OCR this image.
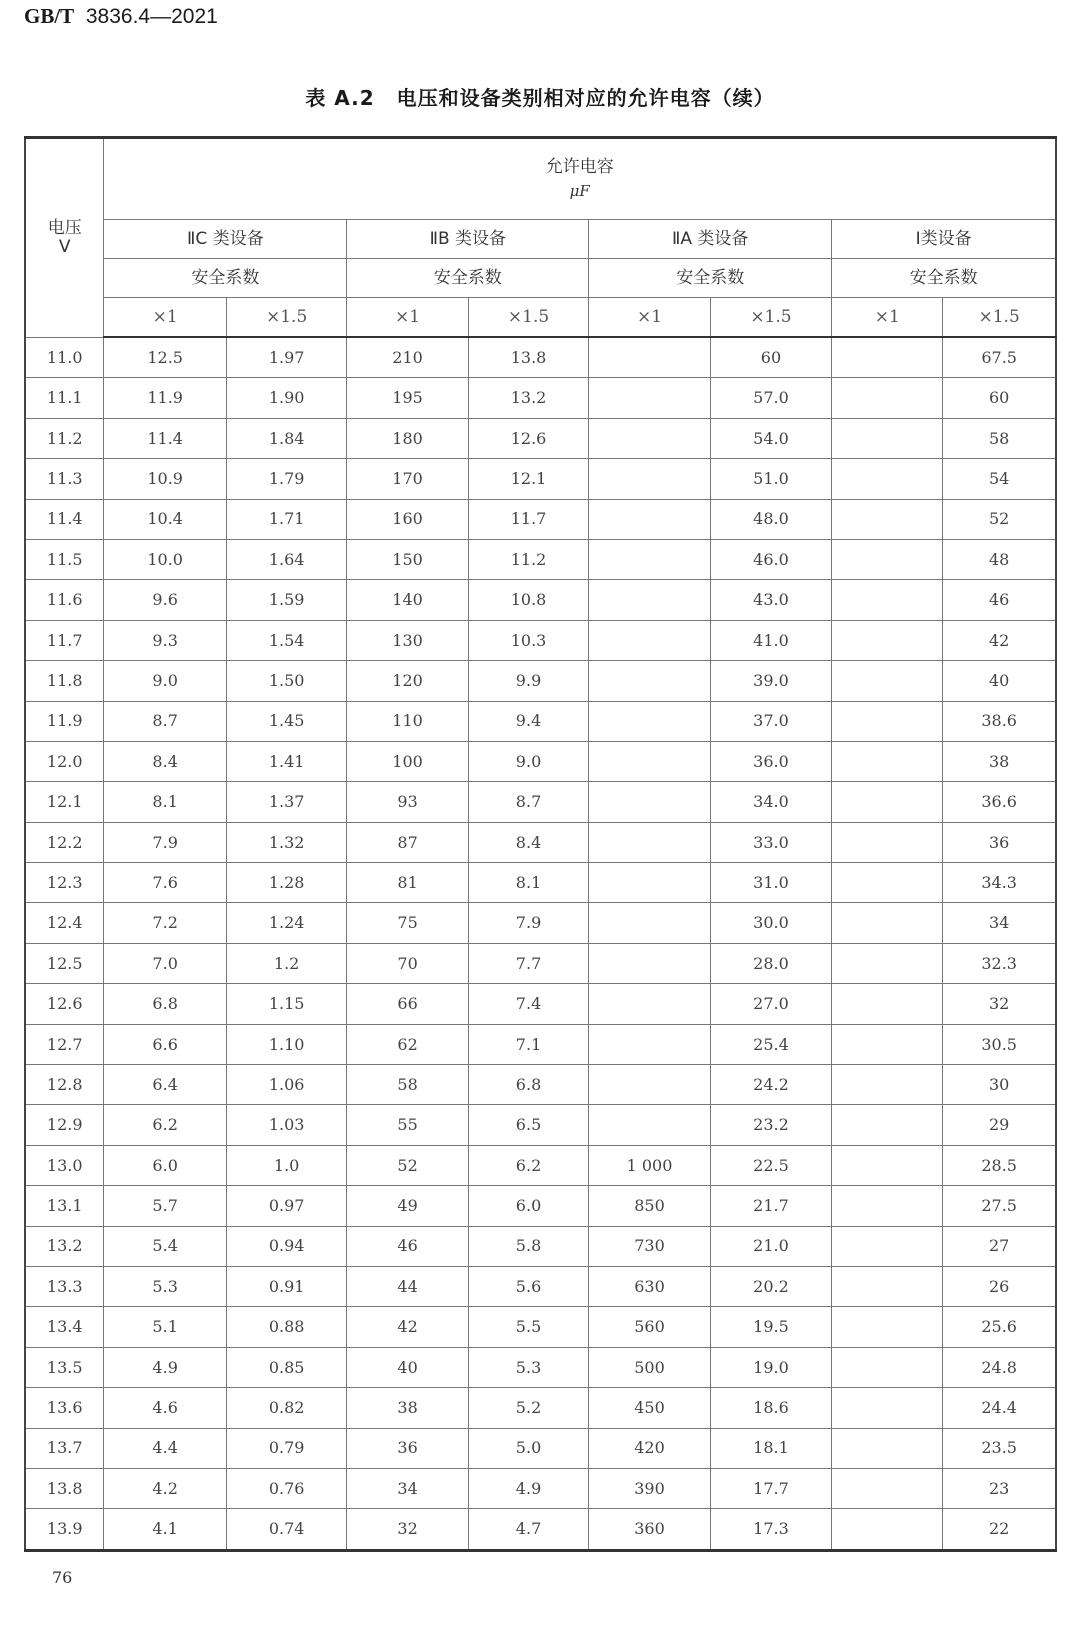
GB/T 3836.4—2021
表 A.2 电压和设备类别相对应的允许电容（续）
电压
V	允许电容
μF							

	ⅡC 类设备		ⅡB 类设备		ⅡA 类设备		Ⅰ类设备	
	安全系数		安全系数		安全系数		安全系数	
	×1	×1.5	×1	×1.5	×1	×1.5	×1	×1.5
11.0	12.5	1.97	210	13.8		60		67.5
11.1	11.9	1.90	195	13.2		57.0		60
11.2	11.4	1.84	180	12.6		54.0		58
11.3	10.9	1.79	170	12.1		51.0		54
11.4	10.4	1.71	160	11.7		48.0		52
11.5	10.0	1.64	150	11.2		46.0		48
11.6	9.6	1.59	140	10.8		43.0		46
11.7	9.3	1.54	130	10.3		41.0		42
11.8	9.0	1.50	120	9.9		39.0		40
11.9	8.7	1.45	110	9.4		37.0		38.6
12.0	8.4	1.41	100	9.0		36.0		38
12.1	8.1	1.37	93	8.7		34.0		36.6
12.2	7.9	1.32	87	8.4		33.0		36
12.3	7.6	1.28	81	8.1		31.0		34.3
12.4	7.2	1.24	75	7.9		30.0		34
12.5	7.0	1.2	70	7.7		28.0		32.3
12.6	6.8	1.15	66	7.4		27.0		32
12.7	6.6	1.10	62	7.1		25.4		30.5
12.8	6.4	1.06	58	6.8		24.2		30
12.9	6.2	1.03	55	6.5		23.2		29
13.0	6.0	1.0	52	6.2	1 000	22.5		28.5
13.1	5.7	0.97	49	6.0	850	21.7		27.5
13.2	5.4	0.94	46	5.8	730	21.0		27
13.3	5.3	0.91	44	5.6	630	20.2		26
13.4	5.1	0.88	42	5.5	560	19.5		25.6
13.5	4.9	0.85	40	5.3	500	19.0		24.8
13.6	4.6	0.82	38	5.2	450	18.6		24.4
13.7	4.4	0.79	36	5.0	420	18.1		23.5
13.8	4.2	0.76	34	4.9	390	17.7		23
13.9	4.1	0.74	32	4.7	360	17.3		22
76
